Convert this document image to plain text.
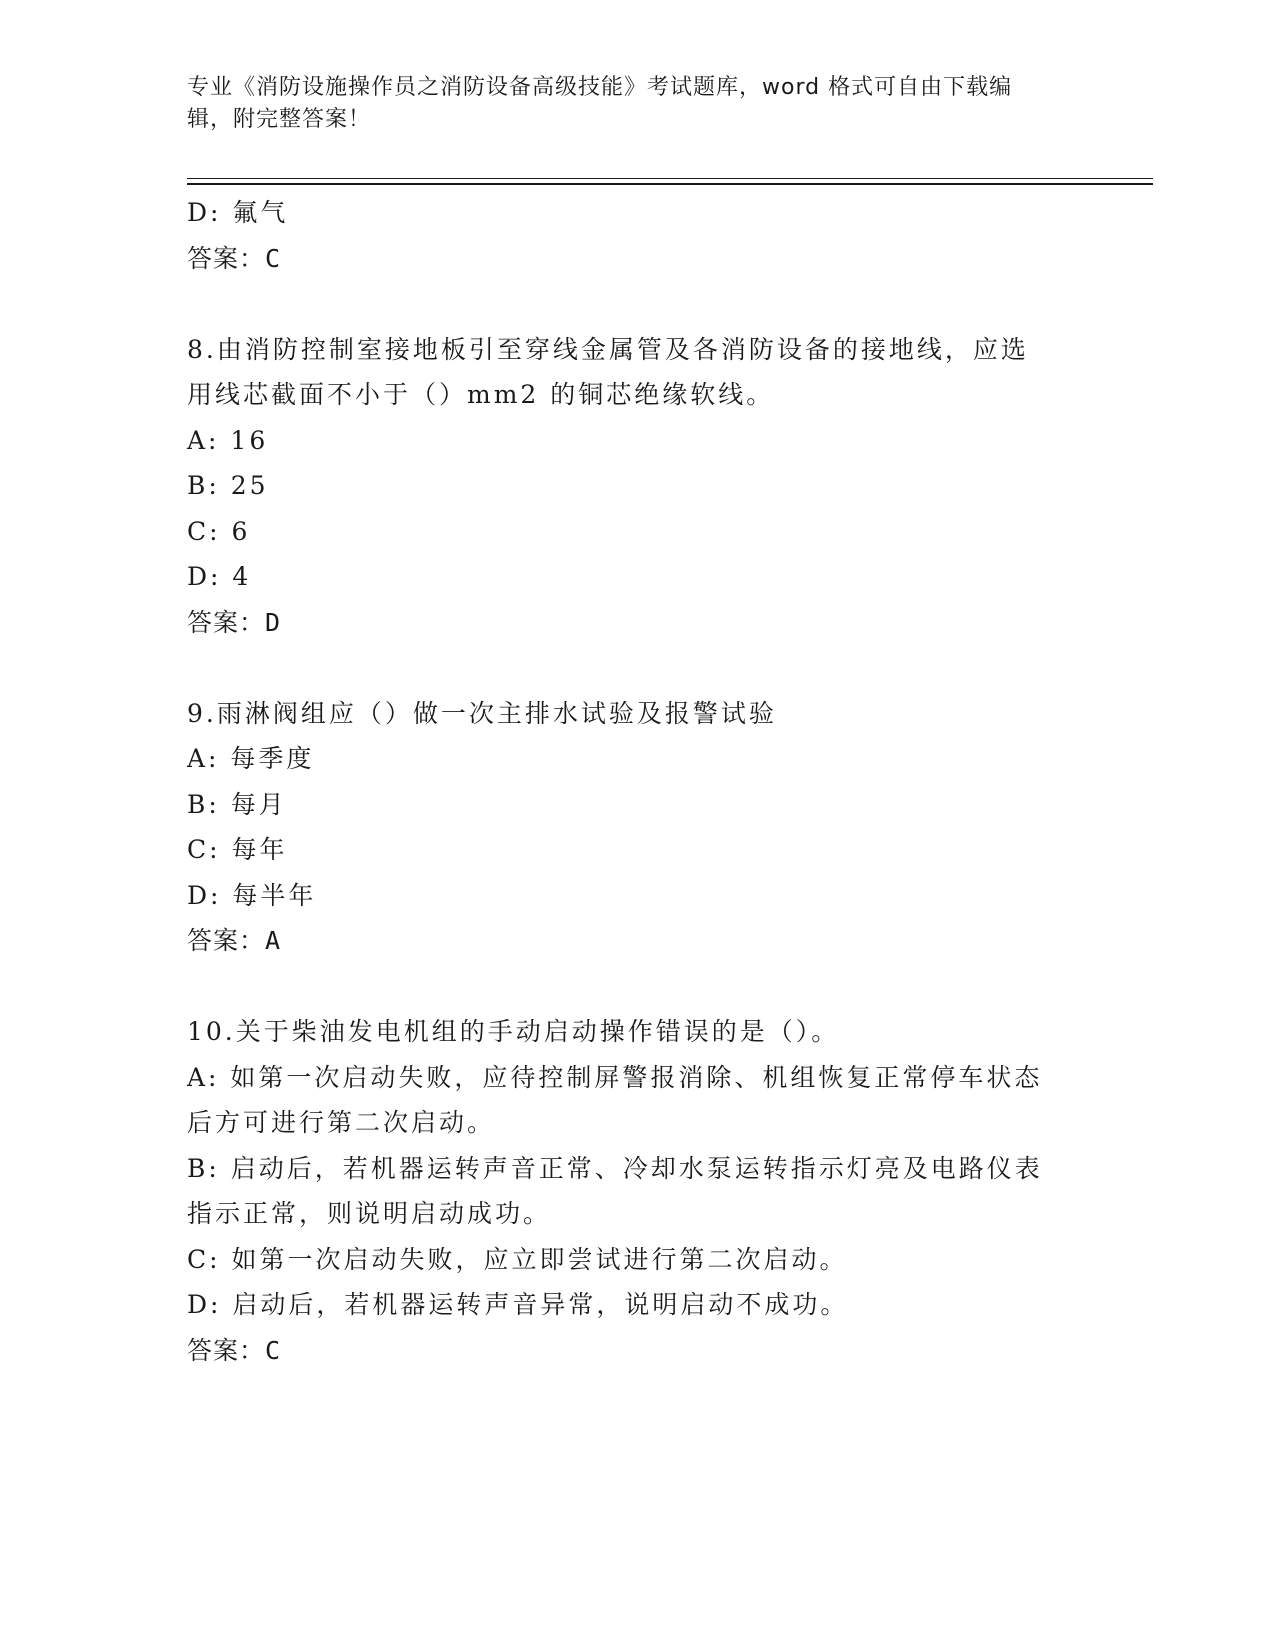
专业《消防设施操作员之消防设备高级技能》考试题库，word 格式可自由下载编
辑，附完整答案！
D: 氟气
答案：C
8.由消防控制室接地板引至穿线金属管及各消防设备的接地线，应选
用线芯截面不小于（）mm2 的铜芯绝缘软线。
A: 16
B: 25
C: 6
D: 4
答案：D
9.雨淋阀组应（）做一次主排水试验及报警试验
A: 每季度
B: 每月
C: 每年
D: 每半年
答案：A
10.关于柴油发电机组的手动启动操作错误的是（）。
A: 如第一次启动失败，应待控制屏警报消除、机组恢复正常停车状态
后方可进行第二次启动。
B: 启动后，若机器运转声音正常、冷却水泵运转指示灯亮及电路仪表
指示正常，则说明启动成功。
C: 如第一次启动失败，应立即尝试进行第二次启动。
D: 启动后，若机器运转声音异常，说明启动不成功。
答案：C
